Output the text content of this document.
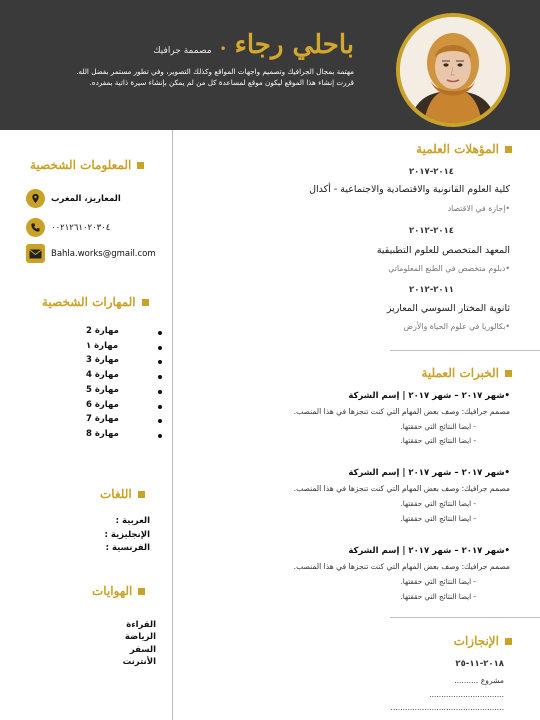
باحلي رجاء
•
مصممة جرافيك
مهتمة بمجال الجرافيك وتصميم واجهات المواقع وكذلك التصوير، وفي تطور مستمر بفضل الله.
قررت إنشاء هذا الموقع ليكون موقع لمساعدة كل من لم يمكن بإنشاء سيرة ذاتية بمفرده.
المؤهلات العلمية
٢٠١٤-٢٠١٧
كلية العلوم القانونية والاقتصادية والاجتماعية - أكدال
•إجازة في الاقتصاد
٢٠١٤-٢٠١٢
المعهد المتخصص للعلوم التطبيقية
•دبلوم متخصص في الطبع المعلوماتي
٢٠١١-٢٠١٢
ثانوية المختار السوسي المعاريز
•بكالوريا في علوم الحياة والأرض
الخبرات العملية
•شهر ٢٠١٧ – شهر ٢٠١٧ | إسم الشركة
مصمم جرافيك: وصف بعض المهام التي كنت تنجزها في هذا المنصب.
- ايضا النتائج التي حققتها.
- ايضا النتائج التي حققتها.
•شهر ٢٠١٧ – شهر ٢٠١٧ | إسم الشركة
مصمم جرافيك: وصف بعض المهام التي كنت تنجزها في هذا المنصب.
- ايضا النتائج التي حققتها.
- ايضا النتائج التي حققتها.
•شهر ٢٠١٧ – شهر ٢٠١٧ | إسم الشركة
مصمم جرافيك: وصف بعض المهام التي كنت تنجزها في هذا المنصب.
- ايضا النتائج التي حققتها.
- ايضا النتائج التي حققتها.
الإنجازات
٢٠١٨-١١-٢٥
مشروع ..........
...............................
...............................................
المعلومات الشخصية
المعاريز، المغرب
٠٠٢١٢٦١٠٢٠٣٠٤
Bahla.works@gmail.com
المهارات الشخصية
مهارة 2
مهارة ١
مهارة 3
مهارة 4
مهارة 5
مهارة 6
مهارة 7
مهارة 8
اللغات
العربية :
الإنجليزية :
الفرنسية :
الهوايات
القراءة
الرياضة
السفر
الأنترنت
